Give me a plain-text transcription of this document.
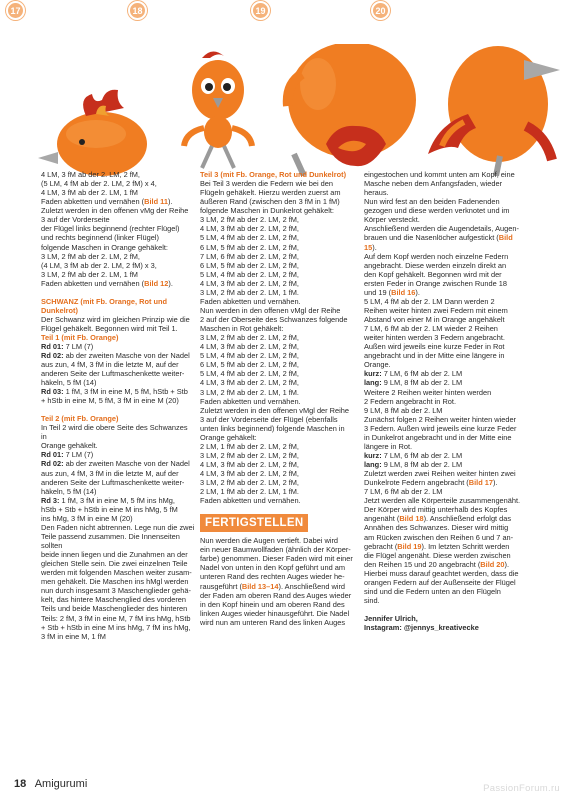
17	18	19	20

4 LM, 3 fM ab der 2. LM, 2 fM,

(5 LM, 4 fM ab der 2. LM, 2 fM) x 4,

4 LM, 3 fM ab der 2. LM, 1 fM

Faden abketten und vernähen (Bild 11).

Zuletzt werden in den offenen vMg der Reihe

3 auf der Vorderseite

der Flügel links beginnend (rechter Flügel)

und rechts beginnend (linker Flügel)

folgende Maschen in Orange gehäkelt:

3 LM, 2 fM ab der 2. LM, 2 fM,

(4 LM, 3 fM ab der 2. LM, 2 fM) x 3,

3 LM, 2 fM ab der 2. LM, 1 fM

Faden abketten und vernähen (Bild 12).

SCHWANZ (mit Fb. Orange, Rot und

Dunkelrot)

Der Schwanz wird im gleichen Prinzip wie die

Flügel gehäkelt. Begonnen wird mit Teil 1.

Teil 1 (mit Fb. Orange)

Rd 01: 7 LM (7)

Rd 02: ab der zweiten Masche von der Nadel

aus zun, 4 fM, 3 fM in die letzte M, auf der

anderen Seite der Luftmaschenkette weiter-

häkeln, 5 fM (14)

Rd 03: 1 fM, 3 fM in eine M, 5 fM, hStb + Stb

+ hStb in eine M, 5 fM, 3 fM in eine M (20)

Teil 2 (mit Fb. Orange)

In Teil 2 wird die obere Seite des Schwanzes in

Orange gehäkelt.

Rd 01: 7 LM (7)

Rd 02: ab der zweiten Masche von der Nadel

aus zun, 4 fM, 3 fM in die letzte M, auf der

anderen Seite der Luftmaschenkette weiter-

häkeln, 5 fM (14)

Rd 3: 1 fM, 3 fM in eine M, 5 fM ins hMg,

hStb + Stb + hStb in eine M ins hMg, 5 fM

ins hMg, 3 fM in eine M (20)

Den Faden nicht abtrennen. Lege nun die zwei

Teile passend zusammen. Die Innenseiten sollten

beide innen liegen und die Zunahmen an der

gleichen Stelle sein. Die zwei einzelnen Teile

werden mit folgenden Maschen weiter zusam-

men gehäkelt. Die Maschen ins hMgl werden

nun durch insgesamt 3 Maschenglieder gehä-

kelt, das hintere Maschenglied des vorderen

Teils und beide Maschenglieder des hinteren

Teils: 2 fM, 3 fM in eine M, 7 fM ins hMg, hStb

+ Stb + hStb in eine M ins hMg, 7 fM ins hMg,

3 fM in eine M, 1 fM

Teil 3 (mit Fb. Orange, Rot und Dunkelrot)

Bei Teil 3 werden die Federn wie bei den

Flügeln gehäkelt. Hierzu werden zuerst am

äußeren Rand (zwischen den 3 fM in 1 fM)

folgende Maschen in Dunkelrot gehäkelt:

3 LM, 2 fM ab der 2. LM, 2 fM,

4 LM, 3 fM ab der 2. LM, 2 fM,

5 LM, 4 fM ab der 2. LM, 2 fM,

6 LM, 5 fM ab der 2. LM, 2 fM,

7 LM, 6 fM ab der 2. LM, 2 fM,

6 LM, 5 fM ab der 2. LM, 2 fM,

5 LM, 4 fM ab der 2. LM, 2 fM,

4 LM, 3 fM ab der 2. LM, 2 fM,

3 LM, 2 fM ab der 2. LM, 1 fM.

Faden abketten und vernähen.

Nun werden in den offenen vMgl der Reihe

2 auf der Oberseite des Schwanzes folgende

Maschen in Rot gehäkelt:

3 LM, 2 fM ab der 2. LM, 2 fM,

4 LM, 3 fM ab der 2. LM, 2 fM,

5 LM, 4 fM ab der 2. LM, 2 fM,

6 LM, 5 fM ab der 2. LM, 2 fM,

5 LM, 4 fM ab der 2. LM, 2 fM,

4 LM, 3 fM ab der 2. LM, 2 fM,

3 LM, 2 fM ab der 2. LM, 1 fM.

Faden abketten und vernähen.

Zuletzt werden in den offenen vMgl der Reihe

3 auf der Vorderseite der Flügel (ebenfalls

unten links beginnend) folgende Maschen in

Orange gehäkelt:

2 LM, 1 fM ab der 2. LM, 2 fM,

3 LM, 2 fM ab der 2. LM, 2 fM,

4 LM, 3 fM ab der 2. LM, 2 fM,

4 LM, 3 fM ab der 2. LM, 2 fM,

3 LM, 2 fM ab der 2. LM, 2 fM,

2 LM, 1 fM ab der 2. LM, 1 fM.

Faden abketten und vernähen.

FERTIGSTELLEN

Nun werden die Augen vertieft. Dabei wird

ein neuer Baumwollfaden (ähnlich der Körper-

farbe) genommen. Dieser Faden wird mit einer

Nadel von unten in den Kopf geführt und am

unteren Rand des rechten Auges wieder he-

rausgeführt (Bild 13–14). Anschließend wird

der Faden am oberen Rand des Auges wieder

in den Kopf hinein und am oberen Rand des

linken Auges wieder hinausgeführt. Die Nadel

wird nun am unteren Rand des linken Auges

eingestochen und kommt unten am Kopf, eine

Masche neben dem Anfangsfaden, wieder

heraus.

Nun wird fest an den beiden Fadenenden

gezogen und diese werden verknotet und im

Körper versteckt.

Anschließend werden die Augendetails, Augen-

brauen und die Nasenlöcher aufgestickt (Bild 15).

Auf dem Kopf werden noch einzelne Federn

angebracht. Diese werden einzeln direkt an

den Kopf gehäkelt. Begonnen wird mit der

ersten Feder in Orange zwischen Runde 18

und 19 (Bild 16).

5 LM, 4 fM ab der 2. LM Dann werden 2

Reihen weiter hinten zwei Federn mit einem

Abstand von einer M in Orange angehäkelt

7 LM, 6 fM ab der 2. LM wieder 2 Reihen

weiter hinten werden 3 Federn angebracht.

Außen wird jeweils eine kurze Feder in Rot

angebracht und in der Mitte eine längere in

Orange.

kurz: 7 LM, 6 fM ab der 2. LM

lang: 9 LM, 8 fM ab der 2. LM

Weitere 2 Reihen weiter hinten werden

2 Federn angebracht in Rot.

9 LM, 8 fM ab der 2. LM

Zunächst folgen 2 Reihen weiter hinten wieder

3 Federn. Außen wird jeweils eine kurze Feder

in Dunkelrot angebracht und in der Mitte eine

längere in Rot.

kurz: 7 LM, 6 fM ab der 2. LM

lang: 9 LM, 8 fM ab der 2. LM

Zuletzt werden zwei Reihen weiter hinten zwei

Dunkelrote Federn angebracht (Bild 17).

7 LM, 6 fM ab der 2. LM

Jetzt werden alle Körperteile zusammengenäht.

Der Körper wird mittig unterhalb des Kopfes

angenäht (Bild 18). Anschließend erfolgt das

Annähen des Schwanzes. Dieser wird mittig

am Rücken zwischen den Reihen 6 und 7 an-

gebracht (Bild 19). Im letzten Schritt werden

die Flügel angenäht. Diese werden zwischen

den Reihen 15 und 20 angebracht (Bild 20).

Hierbei muss darauf geachtet werden, dass die

orangen Federn auf der Außenseite der Flügel

sind und die Federn unten an den Flügeln

sind.

Jennifer Ulrich,

Instagram: @jennys_kreativecke

18 Amigurumi	PassionForum.ru
